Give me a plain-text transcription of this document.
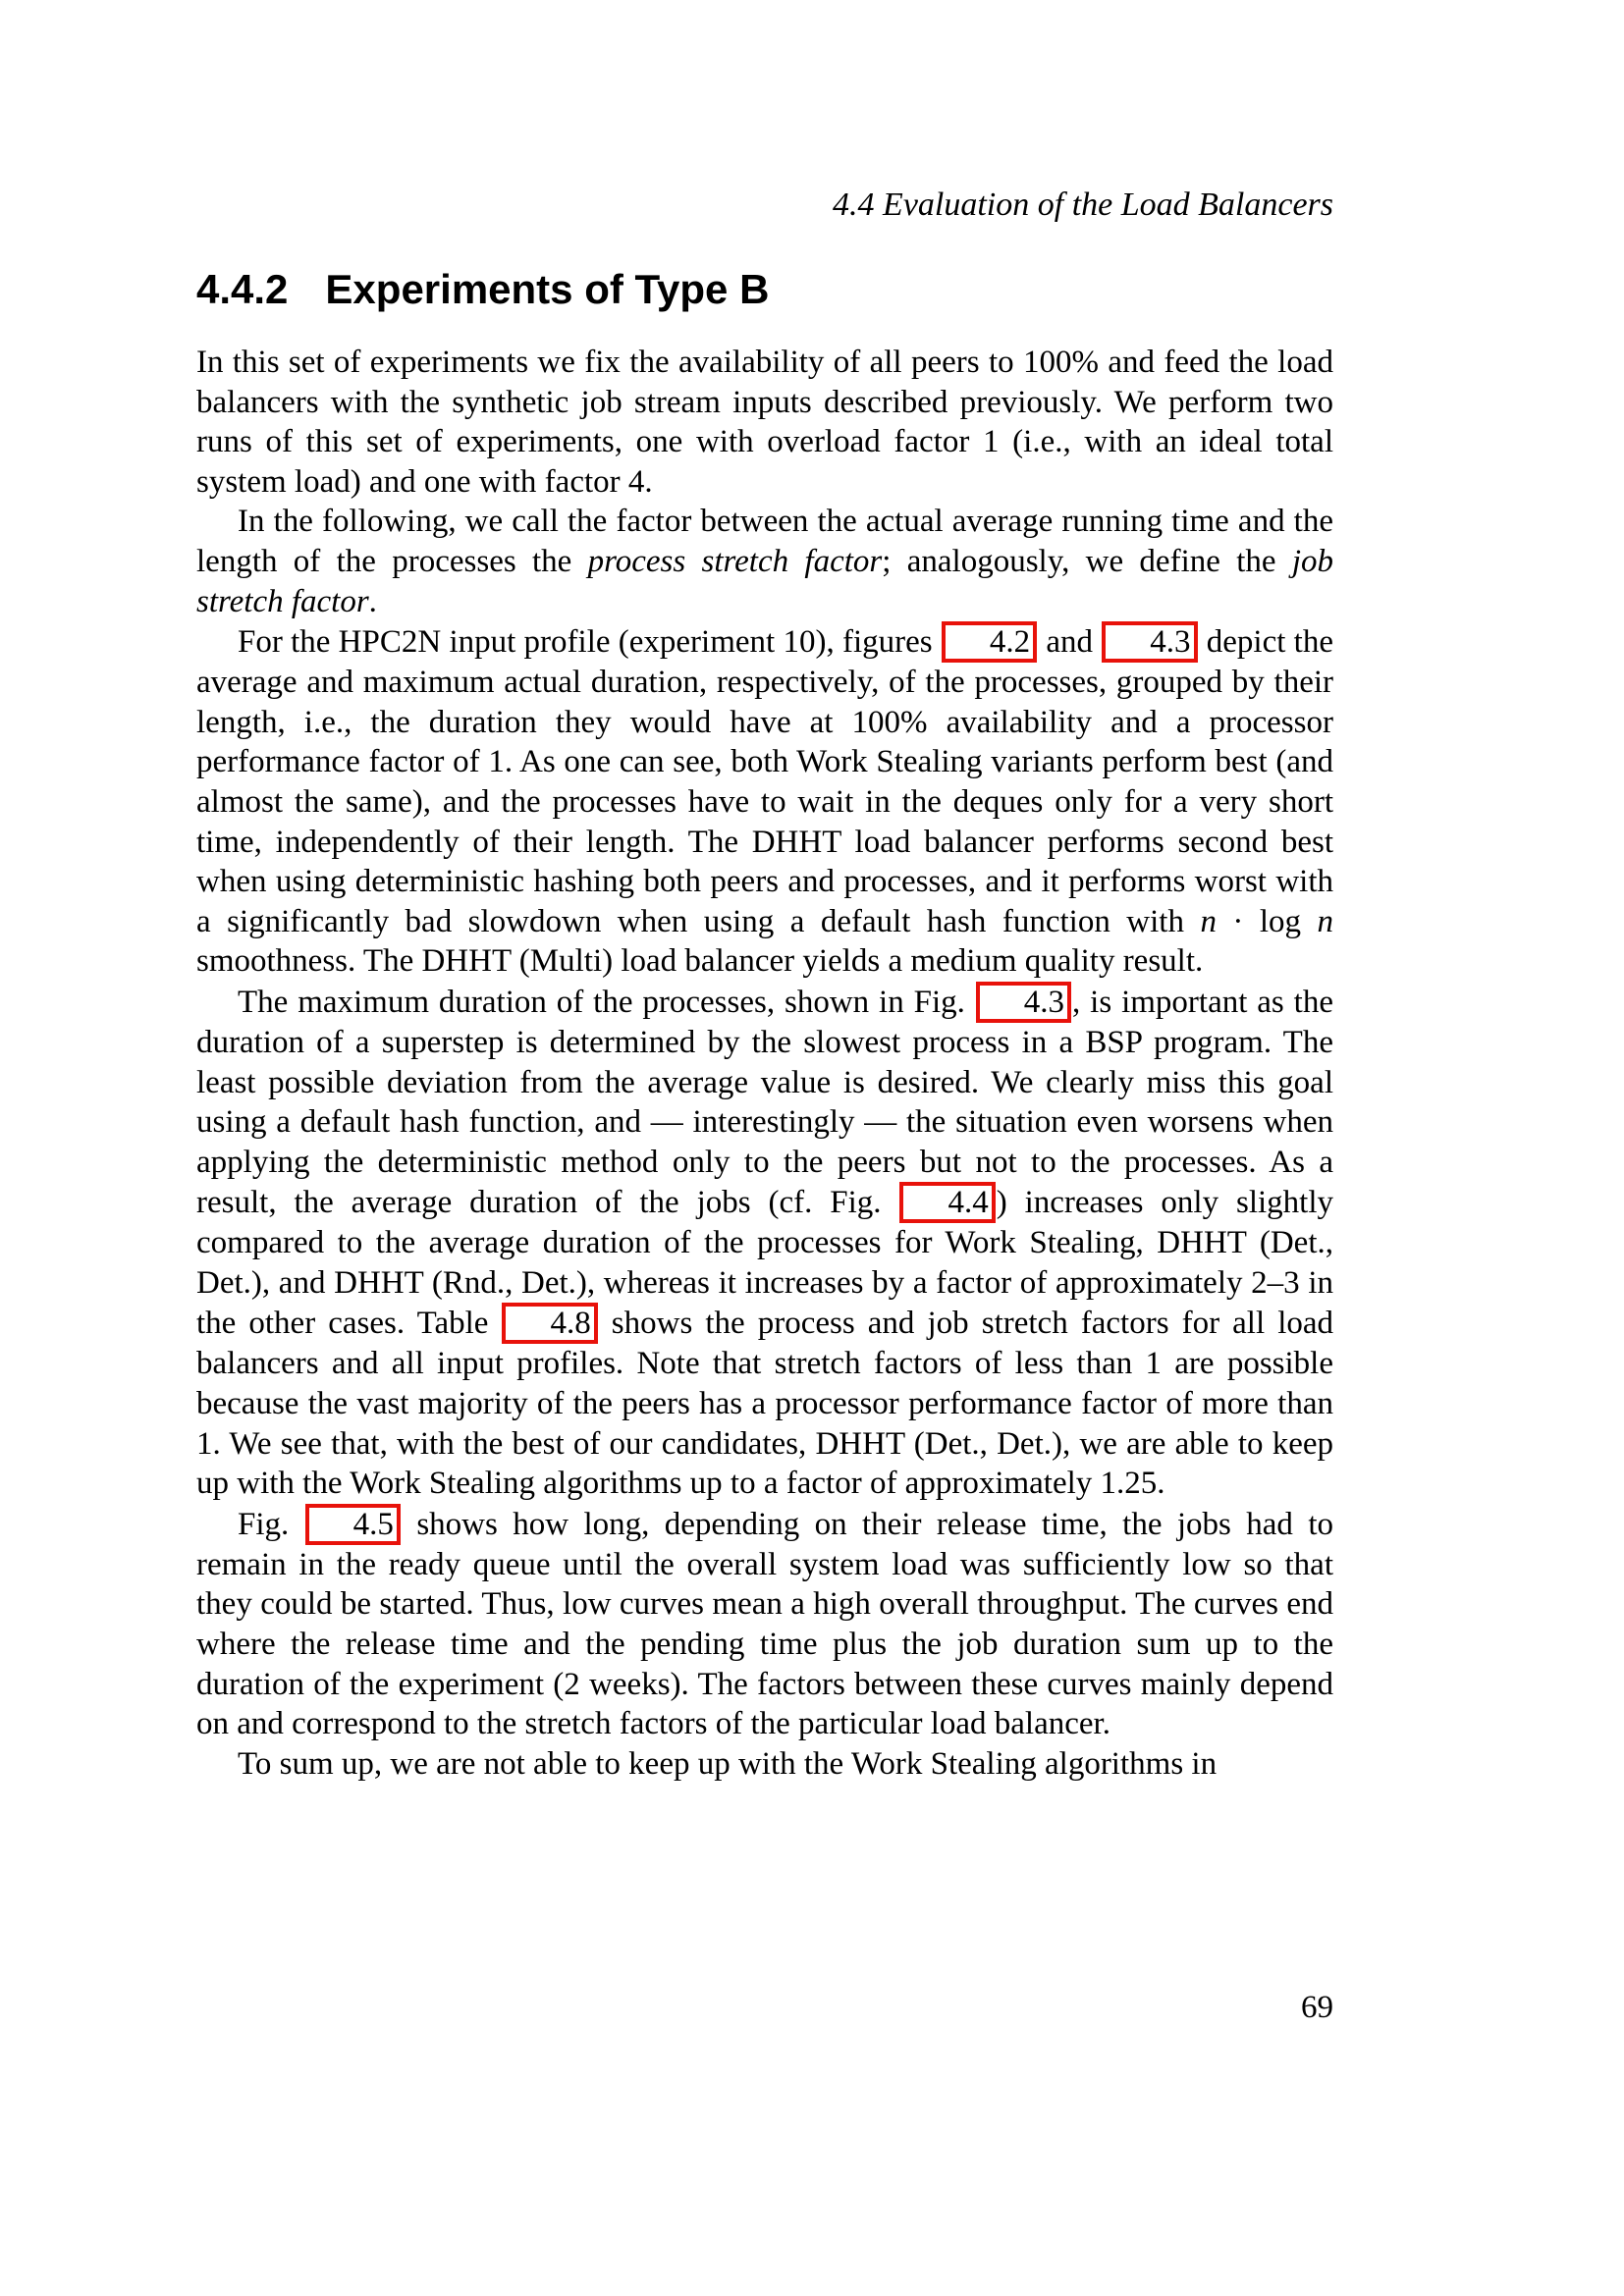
4.4 Evaluation of the Load Balancers
4.4.2 Experiments of Type B

In this set of experiments we fix the availability of all peers to 100% and feed the load balancers with the synthetic job stream inputs described previously. We perform two runs of this set of experiments, one with overload factor 1 (i.e., with an ideal total system load) and one with factor 4.

In the following, we call the factor between the actual average running time and the length of the processes the process stretch factor; analogously, we define the job stretch factor.

For the HPC2N input profile (experiment 10), figures 4.2 and 4.3 depict the average and maximum actual duration, respectively, of the processes, grouped by their length, i.e., the duration they would have at 100% availability and a processor performance factor of 1. As one can see, both Work Stealing variants perform best (and almost the same), and the processes have to wait in the deques only for a very short time, independently of their length. The DHHT load balancer performs second best when using deterministic hashing both peers and processes, and it performs worst with a significantly bad slowdown when using a default hash function with n · log n smoothness. The DHHT (Multi) load balancer yields a medium quality result.

The maximum duration of the processes, shown in Fig. 4.3 , is important as the duration of a superstep is determined by the slowest process in a BSP program. The least possible deviation from the average value is desired. We clearly miss this goal using a default hash function, and — interestingly — the situation even worsens when applying the deterministic method only to the peers but not to the processes. As a result, the average duration of the jobs (cf. Fig. 4.4 ) increases only slightly compared to the average duration of the processes for Work Stealing, DHHT (Det., Det.), and DHHT (Rnd., Det.), whereas it increases by a factor of approximately 2–3 in the other cases. Table 4.8 shows the process and job stretch factors for all load balancers and all input profiles. Note that stretch factors of less than 1 are possible because the vast majority of the peers has a processor performance factor of more than 1. We see that, with the best of our candidates, DHHT (Det., Det.), we are able to keep up with the Work Stealing algorithms up to a factor of approximately 1.25.

Fig. 4.5 shows how long, depending on their release time, the jobs had to remain in the ready queue until the overall system load was sufficiently low so that they could be started. Thus, low curves mean a high overall throughput. The curves end where the release time and the pending time plus the job duration sum up to the duration of the experiment (2 weeks). The factors between these curves mainly depend on and correspond to the stretch factors of the particular load balancer.

To sum up, we are not able to keep up with the Work Stealing algorithms in

69
